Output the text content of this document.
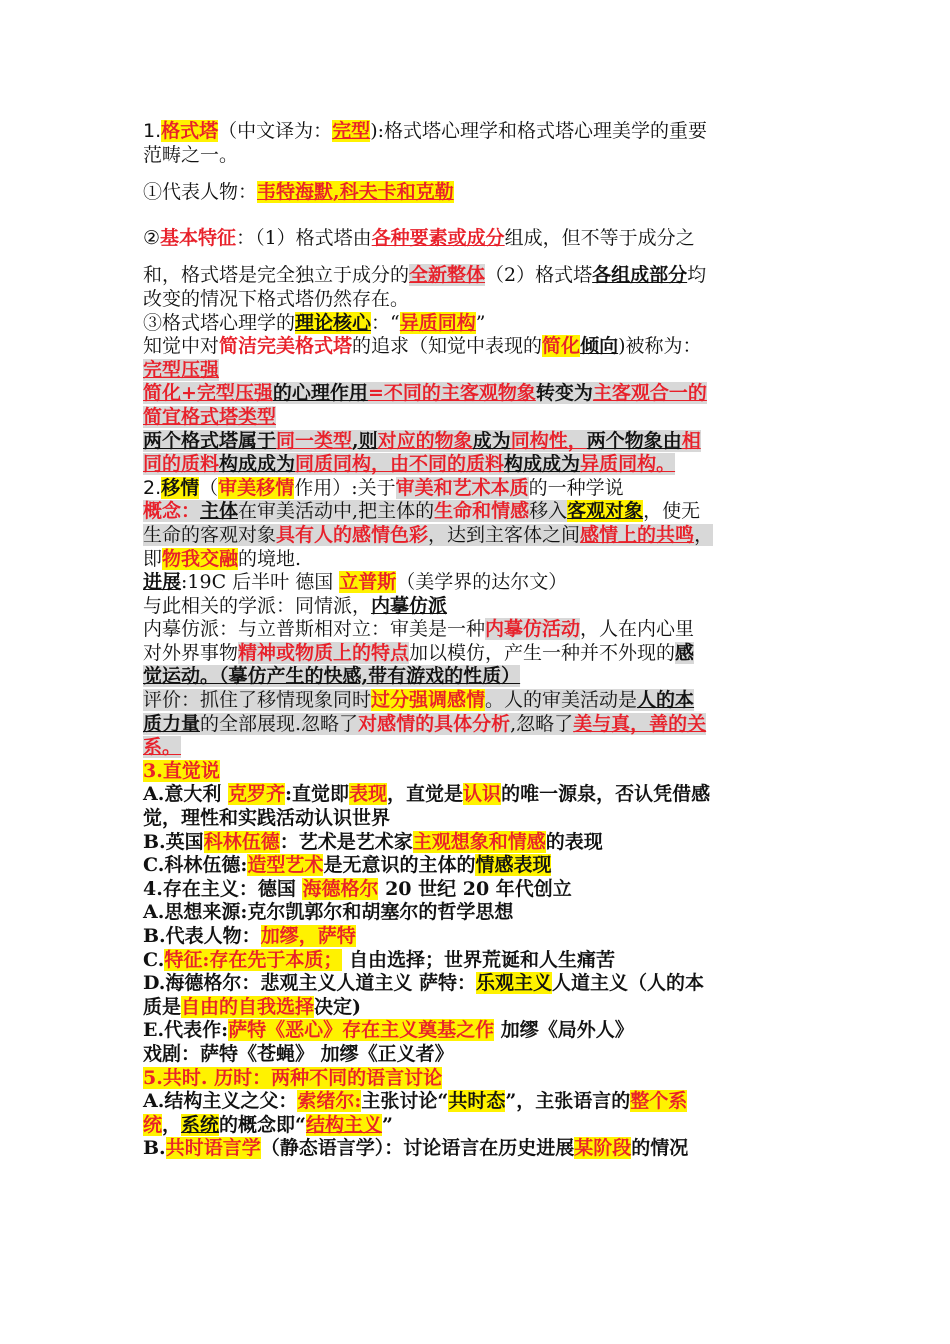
1.格式塔（中文译为：完型):格式塔心理学和格式塔心理美学的重要
范畴之一。
①代表人物：韦特海默,科夫卡和克勒
②基本特征：（1）格式塔由各种要素或成分组成，但不等于成分之
和，格式塔是完全独立于成分的全新整体（2）格式塔各组成部分均
改变的情况下格式塔仍然存在。
③格式塔心理学的理论核心：“异质同构”
知觉中对简洁完美格式塔的追求（知觉中表现的简化倾向)被称为：
完型压强
简化+完型压强的心理作用=不同的主客观物象转变为主客观合一的
简宜格式塔类型
两个格式塔属于同一类型,则对应的物象成为同构性，两个物象由相
同的质料构成成为同质同构，由不同的质料构成成为异质同构。
2.移情（审美移情作用）:关于审美和艺术本质的一种学说
概念：主体在审美活动中,把主体的生命和情感移入客观对象，使无
生命的客观对象具有人的感情色彩，达到主客体之间感情上的共鸣，
即物我交融的境地.
进展:19C 后半叶 德国 立普斯（美学界的达尔文）
与此相关的学派：同情派，内摹仿派
内摹仿派：与立普斯相对立：审美是一种内摹仿活动，人在内心里
对外界事物精神或物质上的特点加以模仿，产生一种并不外现的感
觉运动。（摹仿产生的快感,带有游戏的性质）
评价：抓住了移情现象同时过分强调感情。人的审美活动是人的本
质力量的全部展现.忽略了对感情的具体分析,忽略了美与真，善的关
系。
3.直觉说
A.意大利 克罗齐:直觉即表现，直觉是认识的唯一源泉，否认凭借感
觉，理性和实践活动认识世界
B.英国科林伍德：艺术是艺术家主观想象和情感的表现
C.科林伍德:造型艺术是无意识的主体的情感表现
4.存在主义：德国 海德格尔 20 世纪 20 年代创立
A.思想来源:克尔凯郭尔和胡塞尔的哲学思想
B.代表人物：加缪，萨特
C.特征:存在先于本质； 自由选择；世界荒诞和人生痛苦
D.海德格尔：悲观主义人道主义 萨特：乐观主义人道主义（人的本
质是自由的自我选择决定)
E.代表作:萨特《恶心》存在主义奠基之作 加缪《局外人》
戏剧：萨特《苍蝇》 加缪《正义者》
5.共时. 历时：两种不同的语言讨论
A.结构主义之父：索绪尔:主张讨论“共时态”，主张语言的整个系
统，系统的概念即“结构主义”
B.共时语言学（静态语言学）：讨论语言在历史进展某阶段的情况
